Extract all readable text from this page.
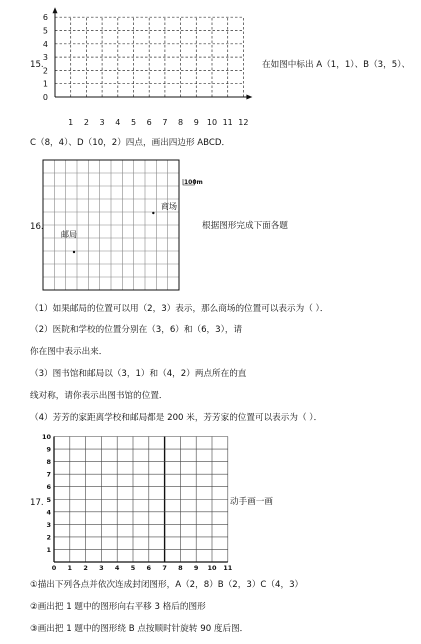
15.
1 2 3 4 5 6 7 8 9 10 11 12
1
2
3
4
5
6
0
在如图中标出 A（1，1）、B（3，5）、
C（8，4）、D（10，2）四点，画出四边形 ABCD．
16.
100m
商场
邮局
根据图形完成下面各题
（1）如果邮局的位置可以用（2，3）表示，那么商场的位置可以表示为（ ）．
（2）医院和学校的位置分别在（3，6）和（6，3），请
你在图中表示出来．
（3）图书馆和邮局以（3，1）和（4，2）两点所在的直
线对称，请你表示出图书馆的位置．
（4）芳芳的家距离学校和邮局都是 200 米，芳芳家的位置可以表示为（ ）．
17.
0 1 2 3 4 5 6 7 8 9 10 11
1
2
3
4
5
6
7
8
9
10
动手画一画
①描出下列各点并依次连成封闭图形，A（2，8）B（2，3）C（4，3）
②画出把 1 题中的图形向右平移 3 格后的图形
③画出把 1 题中的图形绕 B 点按顺时针旋转 90 度后图．
